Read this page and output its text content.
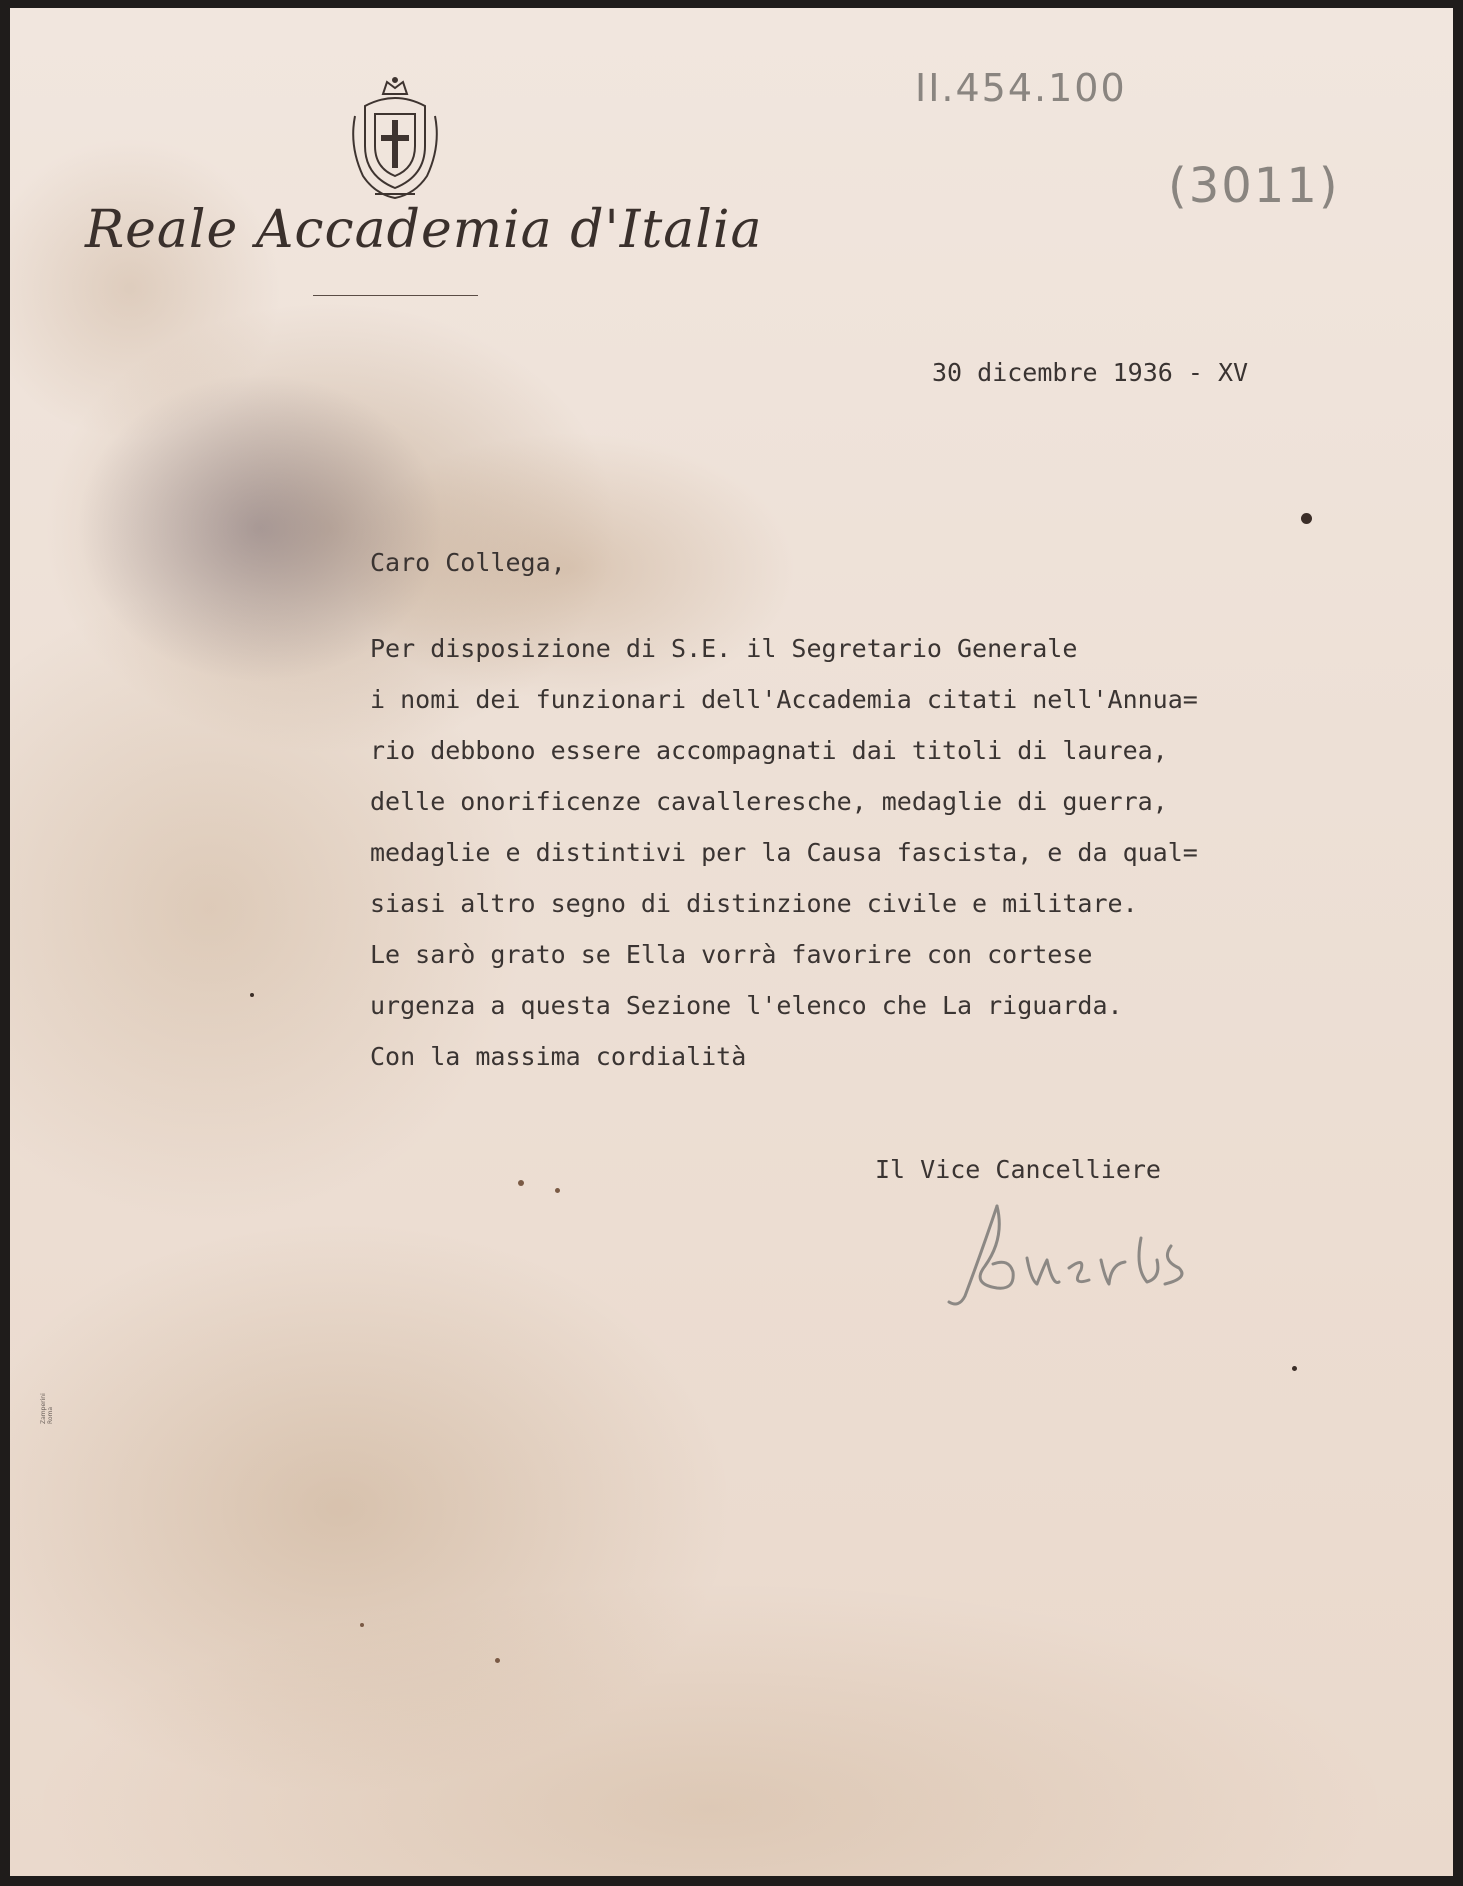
Reale Accademia d'Italia
II.454.100
(3011)
30 dicembre 1936 - XV
Caro Collega,
Per disposizione di S.E. il Segretario Generale
i nomi dei funzionari dell'Accademia citati nell'Annua=
rio debbono essere accompagnati dai titoli di laurea,
delle onorificenze cavalleresche, medaglie di guerra,
medaglie e distintivi per la Causa fascista, e da qual=
siasi altro segno di distinzione civile e militare.
Le sarò grato se Ella vorrà favorire con cortese
urgenza a questa Sezione l'elenco che La riguarda.
Con la massima cordialità
Il Vice Cancelliere
Zamperini Roma
